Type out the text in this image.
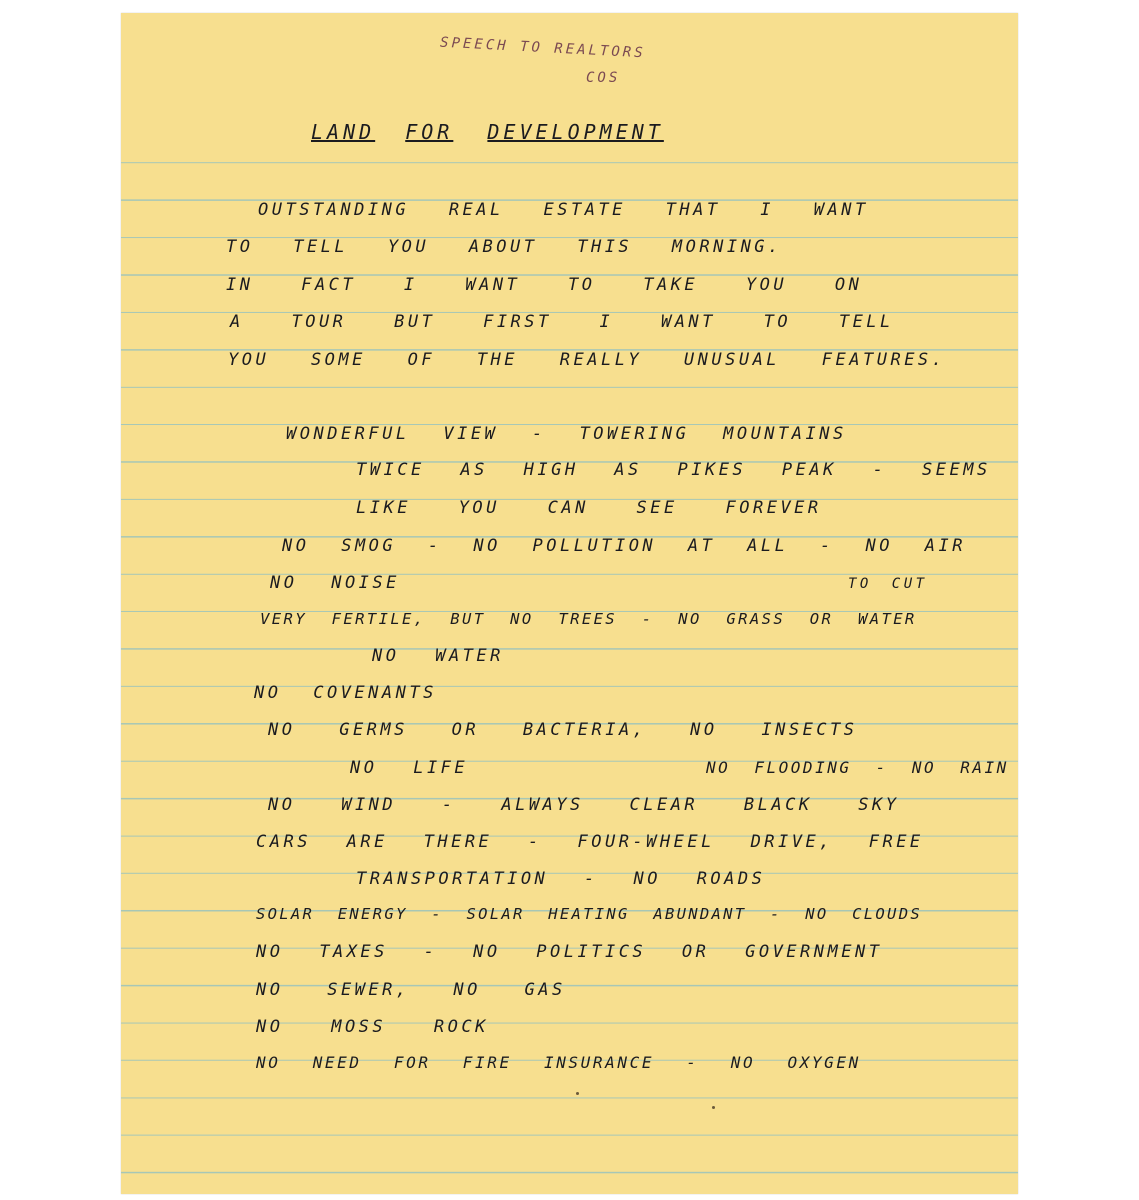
SPEECH TO REALTORS
COS
LAND FOR DEVELOPMENT
OUTSTANDING REAL ESTATE THAT I WANT
TO TELL YOU ABOUT THIS MORNING.
IN FACT I WANT TO TAKE YOU ON
A TOUR BUT FIRST I WANT TO TELL
YOU SOME OF THE REALLY UNUSUAL FEATURES.
WONDERFUL VIEW - TOWERING MOUNTAINS
TWICE AS HIGH AS PIKES PEAK - SEEMS
LIKE YOU CAN SEE FOREVER
NO SMOG - NO POLLUTION AT ALL - NO AIR
NO NOISE	TO CUT
VERY FERTILE, BUT NO TREES - NO GRASS OR WATER
NO WATER
NO COVENANTS
NO GERMS OR BACTERIA, NO INSECTS
NO LIFE	NO FLOODING - NO RAIN
NO WIND - ALWAYS CLEAR BLACK SKY
CARS ARE THERE - FOUR-WHEEL DRIVE, FREE
TRANSPORTATION - NO ROADS
SOLAR ENERGY - SOLAR HEATING ABUNDANT - NO CLOUDS
NO TAXES - NO POLITICS OR GOVERNMENT
NO SEWER, NO GAS
NO MOSS ROCK
NO NEED FOR FIRE INSURANCE - NO OXYGEN
